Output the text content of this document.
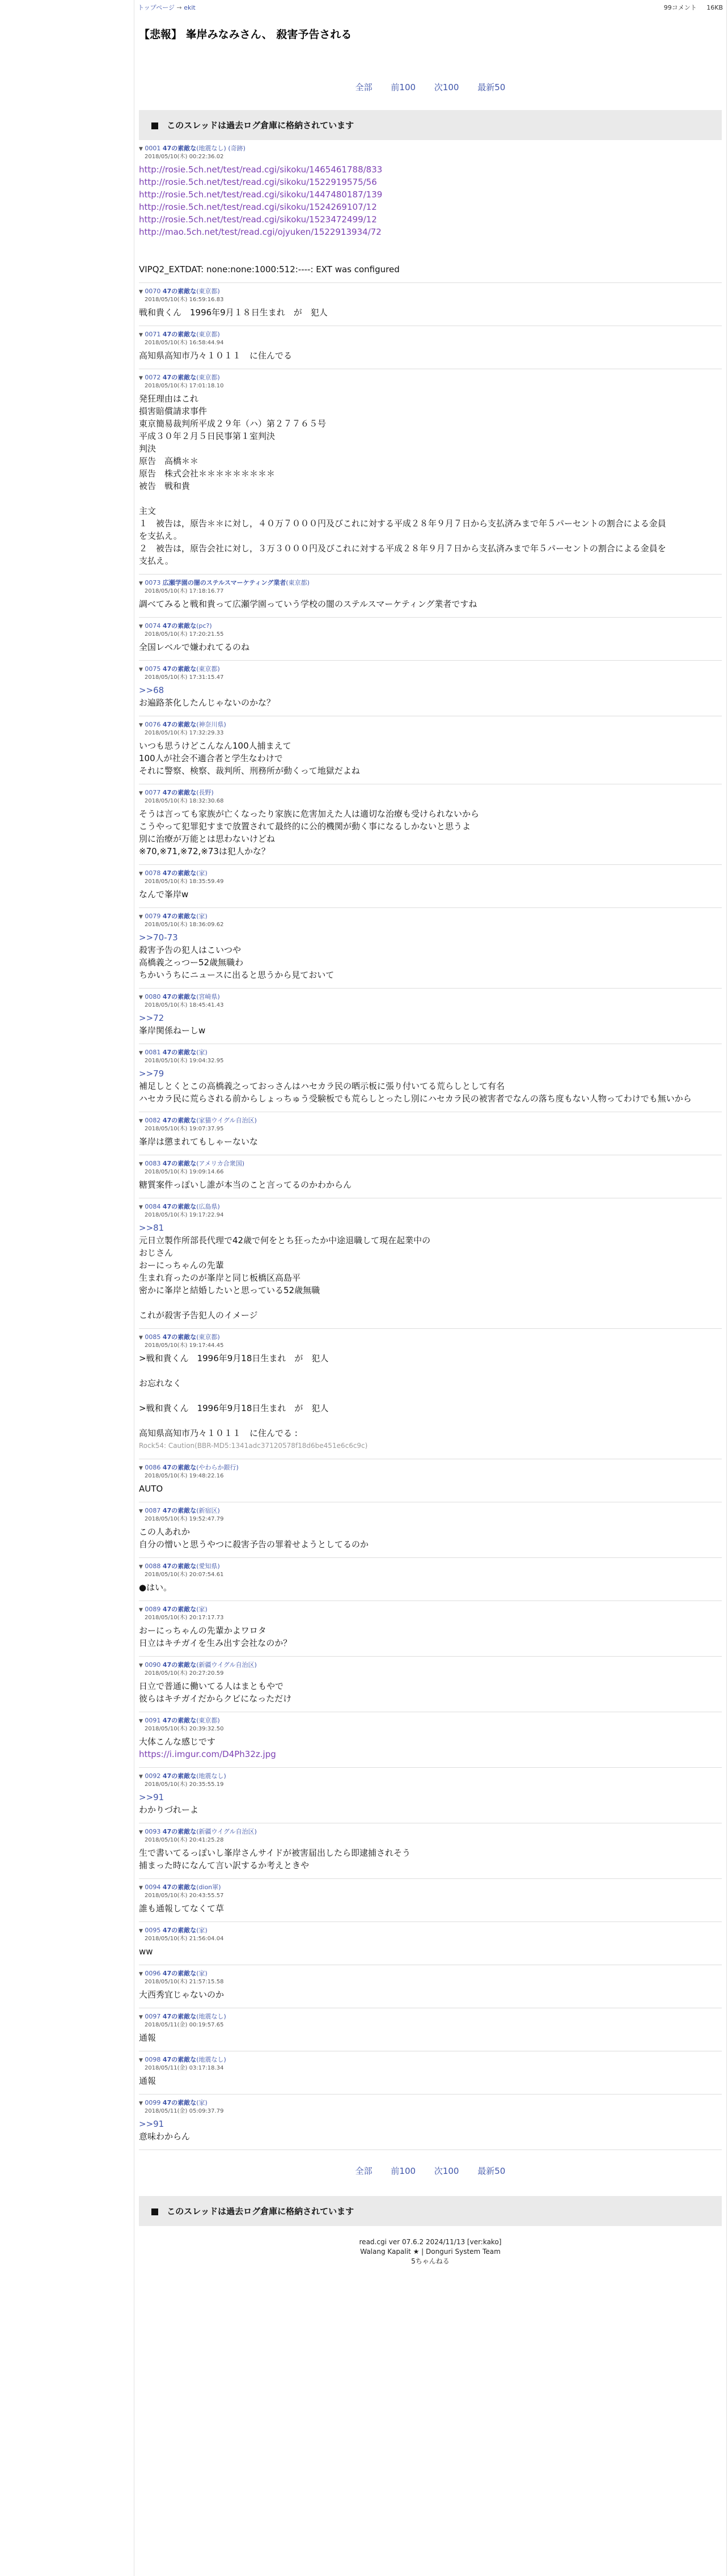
トップページ → ekit	99コメント 16KB
【悲報】 峯岸みなみさん、 殺害予告される
全部 前100 次100 最新50
このスレッドは過去ログ倉庫に格納されています
▼ 0001 47の素敵な(地震なし) (奇跡)
2018/05/10(木) 00:22:36.02
http://rosie.5ch.net/test/read.cgi/sikoku/1465461788/833
http://rosie.5ch.net/test/read.cgi/sikoku/1522919575/56
http://rosie.5ch.net/test/read.cgi/sikoku/1447480187/139
http://rosie.5ch.net/test/read.cgi/sikoku/1524269107/12
http://rosie.5ch.net/test/read.cgi/sikoku/1523472499/12
http://mao.5ch.net/test/read.cgi/ojyuken/1522913934/72

VIPQ2_EXTDAT: none:none:1000:512:----: EXT was configured
▼ 0070 47の素敵な(東京都)
2018/05/10(木) 16:59:16.83
戦和貴くん　1996年9月１８日生まれ　が　犯人
▼ 0071 47の素敵な(東京都)
2018/05/10(木) 16:58:44.94
高知県高知市乃々１０１１　に住んでる
▼ 0072 47の素敵な(東京都)
2018/05/10(木) 17:01:18.10
発狂理由はこれ
損害賠償請求事件
東京簡易裁判所平成２９年（ハ）第２７７６５号
平成３０年２月５日民事第１室判決
判決
原告　高橋＊＊
原告　株式会社＊＊＊＊＊＊＊＊＊
被告　戦和貴

主文
１　被告は，原告＊＊に対し，４０万７０００円及びこれに対する平成２８年９月７日から支払済みまで年５パーセントの割合による金員
を支払え。
２　被告は，原告会社に対し，３万３０００円及びこれに対する平成２８年９月７日から支払済みまで年５パーセントの割合による金員を
支払え。
▼ 0073 広瀬学園の闇のステルスマーケティング業者(東京都)
2018/05/10(木) 17:18:16.77
調べてみると戦和貴って広瀬学園っていう学校の闇のステルスマーケティング業者ですね
▼ 0074 47の素敵な(pc?)
2018/05/10(木) 17:20:21.55
全国レベルで嫌われてるのね
▼ 0075 47の素敵な(東京都)
2018/05/10(木) 17:31:15.47
>>68
お遍路茶化したんじゃないのかな？
▼ 0076 47の素敵な(神奈川県)
2018/05/10(木) 17:32:29.33
いつも思うけどこんなん100人捕まえて
100人が社会不適合者と学生なわけで
それに警察、検察、裁判所、刑務所が動くって地獄だよね
▼ 0077 47の素敵な(長野)
2018/05/10(木) 18:32:30.68
そうは言っても家族が亡くなったり家族に危害加えた人は適切な治療も受けられないから
こうやって犯罪犯すまで放置されて最終的に公的機関が動く事になるしかないと思うよ
別に治療が万能とは思わないけどね
※70,※71,※72,※73は犯人かな？
▼ 0078 47の素敵な(家)
2018/05/10(木) 18:35:59.49
なんで峯岸w
▼ 0079 47の素敵な(家)
2018/05/10(木) 18:36:09.62
>>70-73
殺害予告の犯人はこいつや
高橋義之っつー52歳無職わ
ちかいうちにニュースに出ると思うから見ておいて
▼ 0080 47の素敵な(宮崎県)
2018/05/10(木) 18:45:41.43
>>72
峯岸関係ねーしw
▼ 0081 47の素敵な(家)
2018/05/10(木) 19:04:32.95
>>79
補足しとくとこの高橋義之っておっさんはハセカラ民の晒示板に張り付いてる荒らしとして有名
ハセカラ民に荒らされる前からしょっちゅう受験板でも荒らしとったし別にハセカラ民の被害者でなんの落ち度もない人物ってわけでも無いから
▼ 0082 47の素敵な(家猫ウイグル自治区)
2018/05/10(木) 19:07:37.95
峯岸は懲まれてもしゃーないな
▼ 0083 47の素敵な(アメリカ合衆国)
2018/05/10(木) 19:09:14.66
糖質案件っぽいし誰が本当のこと言ってるのかわからん
▼ 0084 47の素敵な(広島県)
2018/05/10(木) 19:17:22.94
>>81
元日立製作所部長代理で42歳で何をとち狂ったか中途退職して現在起業中の
おじさん
おーにっちゃんの先輩
生まれ育ったのが峯岸と同じ板橋区高島平
密かに峯岸と結婚したいと思っている52歳無職

これが殺害予告犯人のイメージ
▼ 0085 47の素敵な(東京都)
2018/05/10(木) 19:17:44.45
>戦和貴くん　1996年9月18日生まれ　が　犯人

お忘れなく

>戦和貴くん　1996年9月18日生まれ　が　犯人

高知県高知市乃々１０１１　に住んでる :
Rock54: Caution(BBR-MD5:1341adc37120578f18d6be451e6c6c9c)
▼ 0086 47の素敵な(やわらか銀行)
2018/05/10(木) 19:48:22.16
AUTO
▼ 0087 47の素敵な(新宿区)
2018/05/10(木) 19:52:47.79
この人あれか
自分の憎いと思うやつに殺害予告の罪着せようとしてるのか
▼ 0088 47の素敵な(愛知県)
2018/05/10(木) 20:07:54.61
●はい。
▼ 0089 47の素敵な(家)
2018/05/10(木) 20:17:17.73
おーにっちゃんの先輩かよワロタ
日立はキチガイを生み出す会社なのか？
▼ 0090 47の素敵な(新疆ウイグル自治区)
2018/05/10(木) 20:27:20.59
日立で普通に働いてる人はまともやで
彼らはキチガイだからクビになっただけ
▼ 0091 47の素敵な(東京都)
2018/05/10(木) 20:39:32.50
大体こんな感じです
https://i.imgur.com/D4Ph32z.jpg
▼ 0092 47の素敵な(地震なし)
2018/05/10(木) 20:35:55.19
>>91
わかりづれーよ
▼ 0093 47の素敵な(新疆ウイグル自治区)
2018/05/10(木) 20:41:25.28
生で書いてるっぽいし峯岸さんサイドが被害届出したら即逮捕されそう
捕まった時になんて言い訳するか考えときや
▼ 0094 47の素敵な(dion軍)
2018/05/10(木) 20:43:55.57
誰も通報してなくて草
▼ 0095 47の素敵な(家)
2018/05/10(木) 21:56:04.04
ww
▼ 0096 47の素敵な(家)
2018/05/10(木) 21:57:15.58
大西秀宜じゃないのか
▼ 0097 47の素敵な(地震なし)
2018/05/11(金) 00:19:57.65
通報
▼ 0098 47の素敵な(地震なし)
2018/05/11(金) 03:17:18.34
通報
▼ 0099 47の素敵な(家)
2018/05/11(金) 05:09:37.79
>>91
意味わからん
全部 前100 次100 最新50
このスレッドは過去ログ倉庫に格納されています
read.cgi ver 07.6.2 2024/11/13 [ver:kako]
Walang Kapalit ★ | Donguri System Team
5ちゃんねる
